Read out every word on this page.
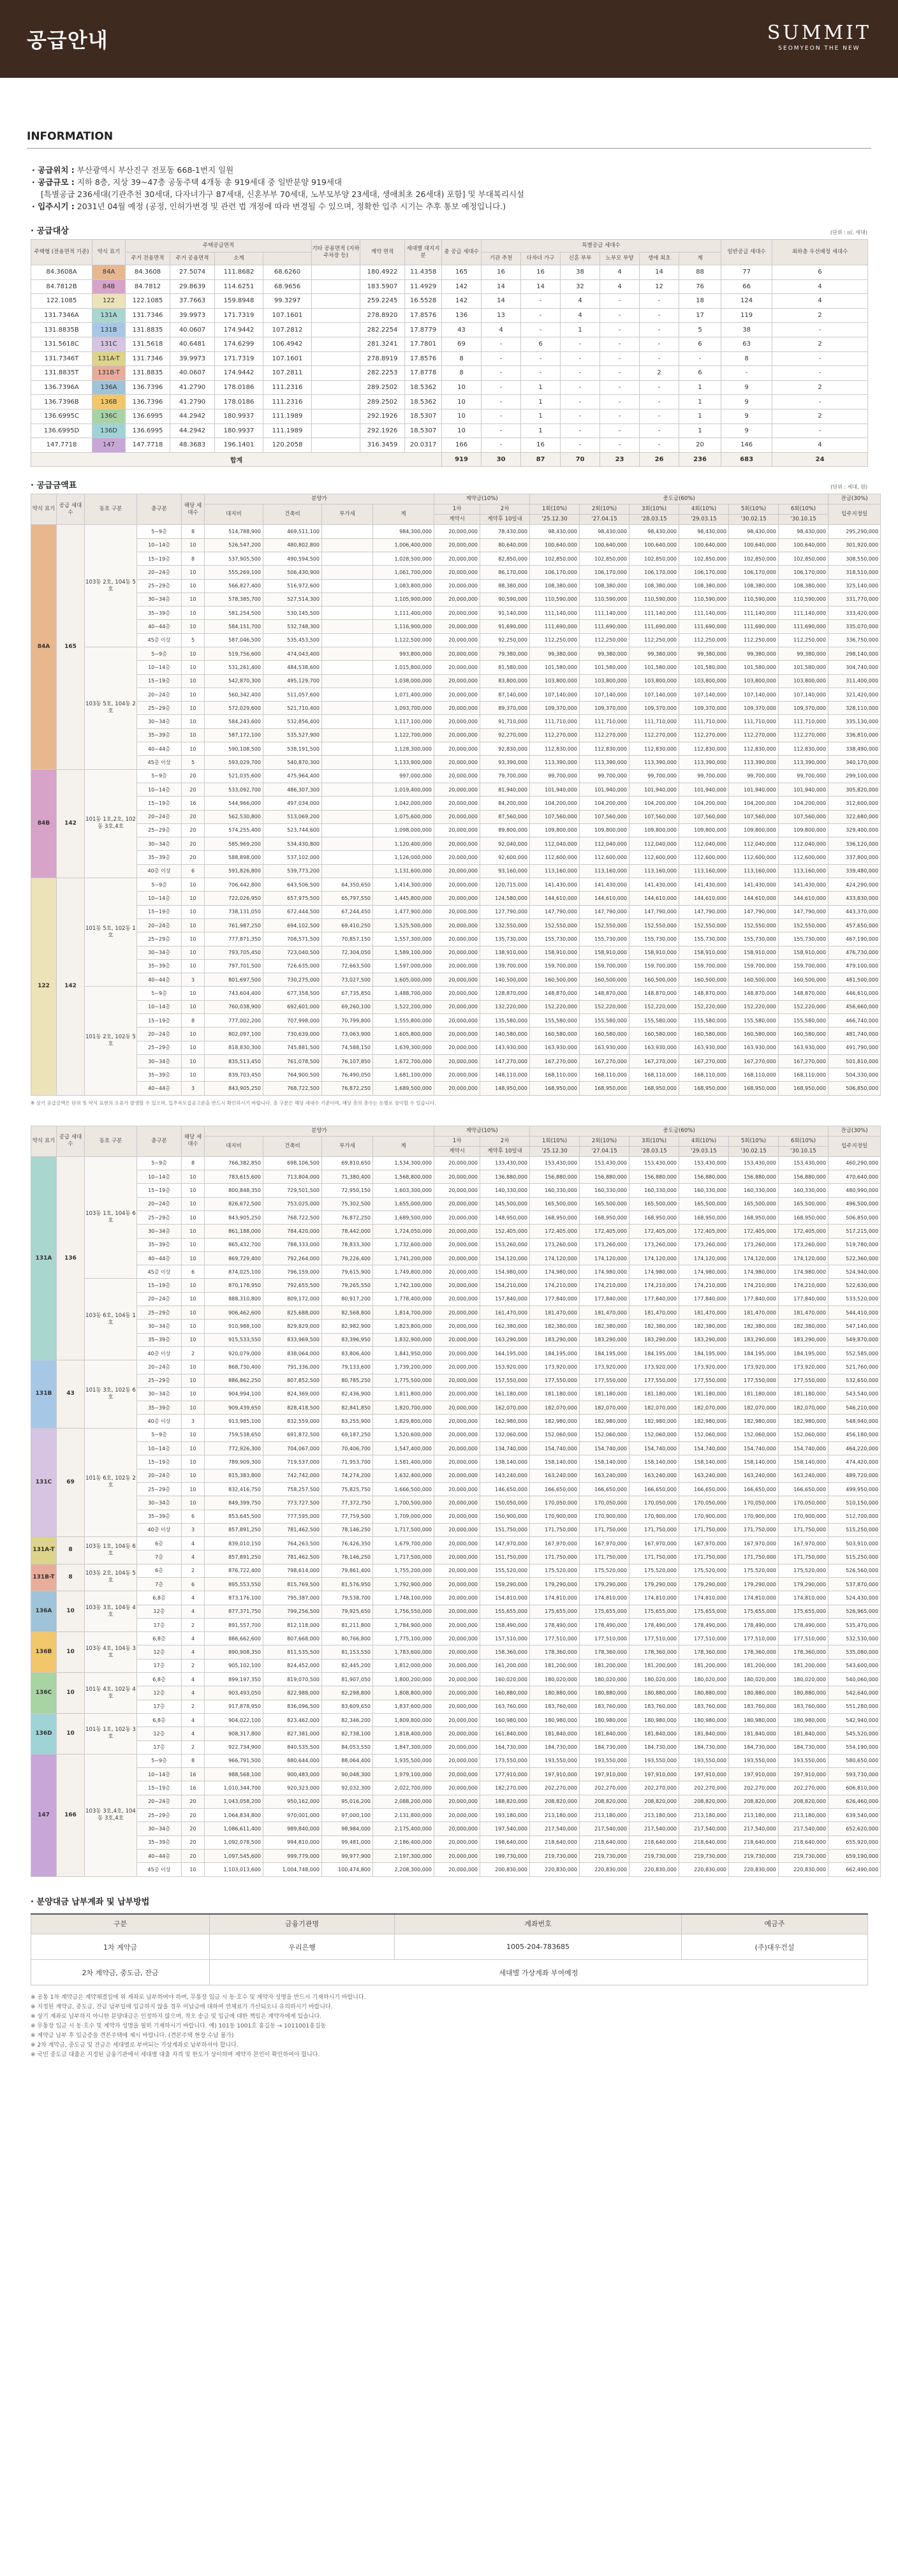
공급안내	SUMMIT
SEOMYEON THE NEW
INFORMATION
· 공급위치 : 부산광역시 부산진구 전포동 668-1번지 일원
· 공급규모 : 지하 8층, 지상 39~47층 공동주택 4개동 총 919세대 중 일반분양 919세대
[특별공급 236세대(기관추천 30세대, 다자녀가구 87세대, 신혼부부 70세대, 노부모부양 23세대, 생애최초 26세대) 포함] 및 부대복리시설
· 입주시기 : 2031년 04월 예정 (공정, 인허가변경 및 관련 법 개정에 따라 변경될 수 있으며, 정확한 입주 시기는 추후 통보 예정입니다.)
· 공급대상	(단위 : ㎡, 세대)
주택형 (전용면적 기준)	약식 표기	주택공급면적				기타 공용면적 (지하주차장 등)	계약 면적	세대별 대지지분	총 공급 세대수	특별공급 세대수						일반공급 세대수	최하층 우선배정 세대수
		주거 전용면적	주거 공용면적	소계						기관 추천	다자녀 가구	신혼 부부	노부모 부양	생애 최초	계		
84.3608A	84A	84.3608	27.5074	111.8682	68.6260		180.4922	11.4358	165	16	16	38	4	14	88	77	6
84.7812B	84B	84.7812	29.8639	114.6251	68.9656		183.5907	11.4929	142	14	14	32	4	12	76	66	4
122.1085	122	122.1085	37.7663	159.8948	99.3297		259.2245	16.5528	142	14	-	4	-	-	18	124	4
131.7346A	131A	131.7346	39.9973	171.7319	107.1601		278.8920	17.8576	136	13	-	4	-	-	17	119	2
131.8835B	131B	131.8835	40.0607	174.9442	107.2812		282.2254	17.8779	43	4	-	1	-	-	5	38	-
131.5618C	131C	131.5618	40.6481	174.6299	106.4942		281.3241	17.7801	69	-	6	-	-	-	6	63	2
131.7346T	131A-T	131.7346	39.9973	171.7319	107.1601		278.8919	17.8576	8	-	-	-	-	-	-	8	-
131.8835T	131B-T	131.8835	40.0607	174.9442	107.2811		282.2253	17.8778	8	-	-	-	-	2	6	-	-
136.7396A	136A	136.7396	41.2790	178.0186	111.2316		289.2502	18.5362	10	-	1	-	-	-	1	9	2
136.7396B	136B	136.7396	41.2790	178.0186	111.2316		289.2502	18.5362	10	-	1	-	-	-	1	9	-
136.6995C	136C	136.6995	44.2942	180.9937	111.1989		292.1926	18.5307	10	-	1	-	-	-	1	9	2
136.6995D	136D	136.6995	44.2942	180.9937	111.1989		292.1926	18.5307	10	-	1	-	-	-	1	9	-
147.7718	147	147.7718	48.3683	196.1401	120.2058		316.3459	20.0317	166	-	16	-	-	-	20	146	4
합계									919	30	87	70	23	26	236	683	24
· 공급금액표	(단위 : 세대, 원)
약식 표기	공급 세대수	동호 구분	층구분	해당 세대수	분양가				계약금(10%)		중도금(60%)						잔금(30%)
					대지비	건축비	부가세	계	1차	2차	1회(10%)	2회(10%)	3회(10%)	4회(10%)	5회(10%)	6회(10%)	입주지정일
									계약시	계약후 10일내	'25.12.30	'27.04.15	'28.03.15	'29.03.15	'30.02.15	'30.10.15	
84A	165	103동 2호, 104동 5호	5~9층	8	514,788,900	469,511,100		984,300,000	20,000,000	78,430,000	98,430,000	98,430,000	98,430,000	98,430,000	98,430,000	98,430,000	295,290,000
			10~14층	10	526,547,200	480,802,800		1,006,400,000	20,000,000	80,640,000	100,640,000	100,640,000	100,640,000	100,640,000	100,640,000	100,640,000	301,920,000
			15~19층	8	537,905,500	490,594,500		1,028,500,000	20,000,000	82,850,000	102,850,000	102,850,000	102,850,000	102,850,000	102,850,000	102,850,000	308,550,000
			20~24층	10	555,269,100	506,430,900		1,061,700,000	20,000,000	86,170,000	106,170,000	106,170,000	106,170,000	106,170,000	106,170,000	106,170,000	318,510,000
			25~29층	10	566,827,400	516,972,600		1,083,800,000	20,000,000	88,380,000	108,380,000	108,380,000	108,380,000	108,380,000	108,380,000	108,380,000	325,140,000
			30~34층	10	578,385,700	527,514,300		1,105,900,000	20,000,000	90,590,000	110,590,000	110,590,000	110,590,000	110,590,000	110,590,000	110,590,000	331,770,000
			35~39층	10	581,254,500	530,145,500		1,111,400,000	20,000,000	91,140,000	111,140,000	111,140,000	111,140,000	111,140,000	111,140,000	111,140,000	333,420,000
			40~44층	10	584,151,700	532,748,300		1,116,900,000	20,000,000	91,690,000	111,690,000	111,690,000	111,690,000	111,690,000	111,690,000	111,690,000	335,070,000
			45층 이상	5	587,046,500	535,453,500		1,122,500,000	20,000,000	92,250,000	112,250,000	112,250,000	112,250,000	112,250,000	112,250,000	112,250,000	336,750,000
		103동 5호, 104동 2호	5~9층	10	519,756,600	474,043,400		993,800,000	20,000,000	79,380,000	99,380,000	99,380,000	99,380,000	99,380,000	99,380,000	99,380,000	298,140,000
			10~14층	10	531,261,400	484,538,600		1,015,800,000	20,000,000	81,580,000	101,580,000	101,580,000	101,580,000	101,580,000	101,580,000	101,580,000	304,740,000
			15~19층	10	542,870,300	495,129,700		1,038,000,000	20,000,000	83,800,000	103,800,000	103,800,000	103,800,000	103,800,000	103,800,000	103,800,000	311,400,000
			20~24층	10	560,342,400	511,057,600		1,071,400,000	20,000,000	87,140,000	107,140,000	107,140,000	107,140,000	107,140,000	107,140,000	107,140,000	321,420,000
			25~29층	10	572,029,600	521,710,400		1,093,700,000	20,000,000	89,370,000	109,370,000	109,370,000	109,370,000	109,370,000	109,370,000	109,370,000	328,110,000
			30~34층	10	584,243,600	532,856,400		1,117,100,000	20,000,000	91,710,000	111,710,000	111,710,000	111,710,000	111,710,000	111,710,000	111,710,000	335,130,000
			35~39층	10	587,172,100	535,527,900		1,122,700,000	20,000,000	92,270,000	112,270,000	112,270,000	112,270,000	112,270,000	112,270,000	112,270,000	336,810,000
			40~44층	10	590,108,500	538,191,500		1,128,300,000	20,000,000	92,830,000	112,830,000	112,830,000	112,830,000	112,830,000	112,830,000	112,830,000	338,490,000
			45층 이상	5	593,029,700	540,870,300		1,133,900,000	20,000,000	93,390,000	113,390,000	113,390,000	113,390,000	113,390,000	113,390,000	113,390,000	340,170,000
84B	142	101동 1호,2호, 102동 3호,4호	5~9층	20	521,035,600	475,964,400		997,000,000	20,000,000	79,700,000	99,700,000	99,700,000	99,700,000	99,700,000	99,700,000	99,700,000	299,100,000
			10~14층	20	533,092,700	486,307,300		1,019,400,000	20,000,000	81,940,000	101,940,000	101,940,000	101,940,000	101,940,000	101,940,000	101,940,000	305,820,000
			15~19층	16	544,966,000	497,034,000		1,042,000,000	20,000,000	84,200,000	104,200,000	104,200,000	104,200,000	104,200,000	104,200,000	104,200,000	312,600,000
			20~24층	20	562,530,800	513,069,200		1,075,600,000	20,000,000	87,560,000	107,560,000	107,560,000	107,560,000	107,560,000	107,560,000	107,560,000	322,680,000
			25~29층	20	574,255,400	523,744,600		1,098,000,000	20,000,000	89,800,000	109,800,000	109,800,000	109,800,000	109,800,000	109,800,000	109,800,000	329,400,000
			30~34층	20	585,969,200	534,430,800		1,120,400,000	20,000,000	92,040,000	112,040,000	112,040,000	112,040,000	112,040,000	112,040,000	112,040,000	336,120,000
			35~39층	20	588,898,000	537,102,000		1,126,000,000	20,000,000	92,600,000	112,600,000	112,600,000	112,600,000	112,600,000	112,600,000	112,600,000	337,800,000
			40층 이상	6	591,826,800	539,773,200		1,131,600,000	20,000,000	93,160,000	113,160,000	113,160,000	113,160,000	113,160,000	113,160,000	113,160,000	339,480,000
122	142	101동 5호, 102동 1호	5~9층	10	706,442,800	643,506,500	64,350,650	1,414,300,000	20,000,000	120,715,000	141,430,000	141,430,000	141,430,000	141,430,000	141,430,000	141,430,000	424,290,000
			10~14층	10	722,026,950	657,975,500	65,797,550	1,445,800,000	20,000,000	124,580,000	144,610,000	144,610,000	144,610,000	144,610,000	144,610,000	144,610,000	433,830,000
			15~19층	10	738,131,050	672,444,500	67,244,450	1,477,900,000	20,000,000	127,790,000	147,790,000	147,790,000	147,790,000	147,790,000	147,790,000	147,790,000	443,370,000
			20~24층	10	761,987,250	694,102,500	69,410,250	1,525,500,000	20,000,000	132,550,000	152,550,000	152,550,000	152,550,000	152,550,000	152,550,000	152,550,000	457,650,000
			25~29층	10	777,871,350	708,571,500	70,857,150	1,557,300,000	20,000,000	135,730,000	155,730,000	155,730,000	155,730,000	155,730,000	155,730,000	155,730,000	467,190,000
			30~34층	10	793,705,450	723,040,500	72,304,050	1,589,100,000	20,000,000	138,910,000	158,910,000	158,910,000	158,910,000	158,910,000	158,910,000	158,910,000	476,730,000
			35~39층	10	797,701,500	726,635,000	72,663,500	1,597,000,000	20,000,000	139,700,000	159,700,000	159,700,000	159,700,000	159,700,000	159,700,000	159,700,000	479,100,000
			40~44층	3	801,697,500	730,275,000	73,027,500	1,605,000,000	20,000,000	140,500,000	160,500,000	160,500,000	160,500,000	160,500,000	160,500,000	160,500,000	481,500,000
		101동 2호, 102동 5호	5~9층	10	743,604,400	677,358,500	67,735,850	1,488,700,000	20,000,000	128,870,000	148,870,000	148,870,000	148,870,000	148,870,000	148,870,000	148,870,000	446,610,000
			10~14층	10	760,038,900	692,601,000	69,260,100	1,522,200,000	20,000,000	132,220,000	152,220,000	152,220,000	152,220,000	152,220,000	152,220,000	152,220,000	456,660,000
			15~19층	8	777,002,200	707,998,000	70,799,800	1,555,800,000	20,000,000	135,580,000	155,580,000	155,580,000	155,580,000	155,580,000	155,580,000	155,580,000	466,740,000
			20~24층	10	802,097,100	730,639,000	73,063,900	1,605,800,000	20,000,000	140,580,000	160,580,000	160,580,000	160,580,000	160,580,000	160,580,000	160,580,000	481,740,000
			25~29층	10	818,830,300	745,881,500	74,588,150	1,639,300,000	20,000,000	143,930,000	163,930,000	163,930,000	163,930,000	163,930,000	163,930,000	163,930,000	491,790,000
			30~34층	10	835,513,450	761,078,500	76,107,850	1,672,700,000	20,000,000	147,270,000	167,270,000	167,270,000	167,270,000	167,270,000	167,270,000	167,270,000	501,810,000
			35~39층	10	839,703,450	764,900,500	76,490,050	1,681,100,000	20,000,000	148,110,000	168,110,000	168,110,000	168,110,000	168,110,000	168,110,000	168,110,000	504,330,000
			40~44층	3	843,905,250	768,722,500	76,872,250	1,689,500,000	20,000,000	148,950,000	168,950,000	168,950,000	168,950,000	168,950,000	168,950,000	168,950,000	506,850,000
※ 상기 공급금액은 단위 및 약식 표현의 오류가 발생할 수 있으며, 입주자모집공고문을 반드시 확인하시기 바랍니다. 층 구분은 해당 세대수 기준이며, 해당 층의 총수는 동별로 상이할 수 있습니다.
약식 표기	공급 세대수	동호 구분	층구분	해당 세대수	분양가				계약금(10%)		중도금(60%)						잔금(30%)
					대지비	건축비	부가세	계	1차	2차	1회(10%)	2회(10%)	3회(10%)	4회(10%)	5회(10%)	6회(10%)	입주지정일
									계약시	계약후 10일내	'25.12.30	'27.04.15	'28.03.15	'29.03.15	'30.02.15	'30.10.15	
131A	136	103동 1호, 104동 6호	5~9층	8	766,382,850	698,106,500	69,810,650	1,534,300,000	20,000,000	133,430,000	153,430,000	153,430,000	153,430,000	153,430,000	153,430,000	153,430,000	460,290,000
			10~14층	10	783,615,600	713,804,000	71,380,400	1,568,800,000	20,000,000	136,880,000	156,880,000	156,880,000	156,880,000	156,880,000	156,880,000	156,880,000	470,640,000
			15~19층	10	800,848,350	729,501,500	72,950,150	1,603,300,000	20,000,000	140,330,000	160,330,000	160,330,000	160,330,000	160,330,000	160,330,000	160,330,000	480,990,000
			20~24층	10	826,672,500	753,025,000	75,302,500	1,655,000,000	20,000,000	145,500,000	165,500,000	165,500,000	165,500,000	165,500,000	165,500,000	165,500,000	496,500,000
			25~29층	10	843,905,250	768,722,500	76,872,250	1,689,500,000	20,000,000	148,950,000	168,950,000	168,950,000	168,950,000	168,950,000	168,950,000	168,950,000	506,850,000
			30~34층	10	861,188,000	784,420,000	78,442,000	1,724,050,000	20,000,000	152,405,000	172,405,000	172,405,000	172,405,000	172,405,000	172,405,000	172,405,000	517,215,000
			35~39층	10	865,432,700	788,333,000	78,833,300	1,732,600,000	20,000,000	153,260,000	173,260,000	173,260,000	173,260,000	173,260,000	173,260,000	173,260,000	519,780,000
			40~44층	10	869,729,400	792,264,000	79,226,400	1,741,200,000	20,000,000	154,120,000	174,120,000	174,120,000	174,120,000	174,120,000	174,120,000	174,120,000	522,360,000
			45층 이상	6	874,025,100	796,159,000	79,615,900	1,749,800,000	20,000,000	154,980,000	174,980,000	174,980,000	174,980,000	174,980,000	174,980,000	174,980,000	524,940,000
		103동 6호, 104동 1호	15~19층	10	870,178,950	792,655,500	79,265,550	1,742,100,000	20,000,000	154,210,000	174,210,000	174,210,000	174,210,000	174,210,000	174,210,000	174,210,000	522,630,000
			20~24층	10	888,310,800	809,172,000	80,917,200	1,778,400,000	20,000,000	157,840,000	177,840,000	177,840,000	177,840,000	177,840,000	177,840,000	177,840,000	533,520,000
			25~29층	10	906,462,600	825,688,000	82,568,800	1,814,700,000	20,000,000	161,470,000	181,470,000	181,470,000	181,470,000	181,470,000	181,470,000	181,470,000	544,410,000
			30~34층	10	910,988,100	829,829,000	82,982,900	1,823,800,000	20,000,000	162,380,000	182,380,000	182,380,000	182,380,000	182,380,000	182,380,000	182,380,000	547,140,000
			35~39층	10	915,533,550	833,969,500	83,396,950	1,832,900,000	20,000,000	163,290,000	183,290,000	183,290,000	183,290,000	183,290,000	183,290,000	183,290,000	549,870,000
			40층 이상	2	920,079,000	838,064,000	83,806,400	1,841,950,000	20,000,000	164,195,000	184,195,000	184,195,000	184,195,000	184,195,000	184,195,000	184,195,000	552,585,000
131B	43	101동 3호, 102동 6호	20~24층	10	868,730,400	791,336,000	79,133,600	1,739,200,000	20,000,000	153,920,000	173,920,000	173,920,000	173,920,000	173,920,000	173,920,000	173,920,000	521,760,000
			25~29층	10	886,862,250	807,852,500	80,785,250	1,775,500,000	20,000,000	157,550,000	177,550,000	177,550,000	177,550,000	177,550,000	177,550,000	177,550,000	532,650,000
			30~34층	10	904,994,100	824,369,000	82,436,900	1,811,800,000	20,000,000	161,180,000	181,180,000	181,180,000	181,180,000	181,180,000	181,180,000	181,180,000	543,540,000
			35~39층	10	909,439,650	828,418,500	82,841,850	1,820,700,000	20,000,000	162,070,000	182,070,000	182,070,000	182,070,000	182,070,000	182,070,000	182,070,000	546,210,000
			40층 이상	3	913,985,100	832,559,000	83,255,900	1,829,800,000	20,000,000	162,980,000	182,980,000	182,980,000	182,980,000	182,980,000	182,980,000	182,980,000	548,940,000
131C	69	101동 6호, 102동 2호	5~9층	10	759,538,650	691,872,500	69,187,250	1,520,600,000	20,000,000	132,060,000	152,060,000	152,060,000	152,060,000	152,060,000	152,060,000	152,060,000	456,180,000
			10~14층	10	772,926,300	704,067,000	70,406,700	1,547,400,000	20,000,000	134,740,000	154,740,000	154,740,000	154,740,000	154,740,000	154,740,000	154,740,000	464,220,000
			15~19층	10	789,909,300	719,537,000	71,953,700	1,581,400,000	20,000,000	138,140,000	158,140,000	158,140,000	158,140,000	158,140,000	158,140,000	158,140,000	474,420,000
			20~24층	10	815,383,800	742,742,000	74,274,200	1,632,400,000	20,000,000	143,240,000	163,240,000	163,240,000	163,240,000	163,240,000	163,240,000	163,240,000	489,720,000
			25~29층	10	832,416,750	758,257,500	75,825,750	1,666,500,000	20,000,000	146,650,000	166,650,000	166,650,000	166,650,000	166,650,000	166,650,000	166,650,000	499,950,000
			30~34층	10	849,399,750	773,727,500	77,372,750	1,700,500,000	20,000,000	150,050,000	170,050,000	170,050,000	170,050,000	170,050,000	170,050,000	170,050,000	510,150,000
			35~39층	6	853,645,500	777,595,000	77,759,500	1,709,000,000	20,000,000	150,900,000	170,900,000	170,900,000	170,900,000	170,900,000	170,900,000	170,900,000	512,700,000
			40층 이상	3	857,891,250	781,462,500	78,146,250	1,717,500,000	20,000,000	151,750,000	171,750,000	171,750,000	171,750,000	171,750,000	171,750,000	171,750,000	515,250,000
131A-T	8	103동 1호, 104동 6호	6층	4	839,010,150	764,263,500	76,426,350	1,679,700,000	20,000,000	147,970,000	167,970,000	167,970,000	167,970,000	167,970,000	167,970,000	167,970,000	503,910,000
			7층	4	857,891,250	781,462,500	78,146,250	1,717,500,000	20,000,000	151,750,000	171,750,000	171,750,000	171,750,000	171,750,000	171,750,000	171,750,000	515,250,000
131B-T	8	103동 2호, 104동 5호	6층	2	876,722,400	798,614,000	79,861,400	1,755,200,000	20,000,000	155,520,000	175,520,000	175,520,000	175,520,000	175,520,000	175,520,000	175,520,000	526,560,000
			7층	6	895,553,550	815,769,500	81,576,950	1,792,900,000	20,000,000	159,290,000	179,290,000	179,290,000	179,290,000	179,290,000	179,290,000	179,290,000	537,870,000
136A	10	103동 3호, 104동 4호	6,8층	4	873,176,100	795,387,000	79,538,700	1,748,100,000	20,000,000	154,810,000	174,810,000	174,810,000	174,810,000	174,810,000	174,810,000	174,810,000	524,430,000
			12층	4	877,371,750	799,256,500	79,925,650	1,756,550,000	20,000,000	155,655,000	175,655,000	175,655,000	175,655,000	175,655,000	175,655,000	175,655,000	526,965,000
			17층	2	891,557,700	812,118,000	81,211,800	1,784,900,000	20,000,000	158,490,000	178,490,000	178,490,000	178,490,000	178,490,000	178,490,000	178,490,000	535,470,000
136B	10	103동 4호, 104동 3호	6,8층	4	886,662,600	807,668,000	80,766,800	1,775,100,000	20,000,000	157,510,000	177,510,000	177,510,000	177,510,000	177,510,000	177,510,000	177,510,000	532,530,000
			12층	4	890,908,350	811,535,500	81,153,550	1,783,600,000	20,000,000	158,360,000	178,360,000	178,360,000	178,360,000	178,360,000	178,360,000	178,360,000	535,080,000
			17층	2	905,102,100	824,452,000	82,445,200	1,812,000,000	20,000,000	161,200,000	181,200,000	181,200,000	181,200,000	181,200,000	181,200,000	181,200,000	543,600,000
136C	10	101동 4호, 102동 4호	6,8층	4	899,197,350	819,070,500	81,907,050	1,800,200,000	20,000,000	160,020,000	180,020,000	180,020,000	180,020,000	180,020,000	180,020,000	180,020,000	540,060,000
			12층	4	903,493,050	822,988,000	82,298,800	1,808,800,000	20,000,000	160,880,000	180,880,000	180,880,000	180,880,000	180,880,000	180,880,000	180,880,000	542,640,000
			17층	2	917,878,950	836,096,500	83,609,650	1,837,600,000	20,000,000	163,760,000	183,760,000	183,760,000	183,760,000	183,760,000	183,760,000	183,760,000	551,280,000
136D	10	101동 1호, 102동 3호	6,8층	4	904,022,100	823,462,000	82,346,200	1,809,800,000	20,000,000	160,980,000	180,980,000	180,980,000	180,980,000	180,980,000	180,980,000	180,980,000	542,940,000
			12층	4	908,317,800	827,381,000	82,738,100	1,818,400,000	20,000,000	161,840,000	181,840,000	181,840,000	181,840,000	181,840,000	181,840,000	181,840,000	545,520,000
			17층	2	922,734,900	840,535,500	84,053,550	1,847,300,000	20,000,000	164,730,000	184,730,000	184,730,000	184,730,000	184,730,000	184,730,000	184,730,000	554,190,000
147	166	103동 3호,4호, 104동 3호,4호	5~9층	8	966,791,500	880,644,000	88,064,400	1,935,500,000	20,000,000	173,550,000	193,550,000	193,550,000	193,550,000	193,550,000	193,550,000	193,550,000	580,650,000
			10~14층	16	988,568,100	900,483,000	90,048,300	1,979,100,000	20,000,000	177,910,000	197,910,000	197,910,000	197,910,000	197,910,000	197,910,000	197,910,000	593,730,000
			15~19층	16	1,010,344,700	920,323,000	92,032,300	2,022,700,000	20,000,000	182,270,000	202,270,000	202,270,000	202,270,000	202,270,000	202,270,000	202,270,000	606,810,000
			20~24층	20	1,043,058,200	950,162,000	95,016,200	2,088,200,000	20,000,000	188,820,000	208,820,000	208,820,000	208,820,000	208,820,000	208,820,000	208,820,000	626,460,000
			25~29층	20	1,064,834,800	970,001,000	97,000,100	2,131,800,000	20,000,000	193,180,000	213,180,000	213,180,000	213,180,000	213,180,000	213,180,000	213,180,000	639,540,000
			30~34층	20	1,086,611,400	989,840,000	98,984,000	2,175,400,000	20,000,000	197,540,000	217,540,000	217,540,000	217,540,000	217,540,000	217,540,000	217,540,000	652,620,000
			35~39층	20	1,092,078,500	994,810,000	99,481,000	2,186,400,000	20,000,000	198,640,000	218,640,000	218,640,000	218,640,000	218,640,000	218,640,000	218,640,000	655,920,000
			40~44층	20	1,097,545,600	999,779,000	99,977,900	2,197,300,000	20,000,000	199,730,000	219,730,000	219,730,000	219,730,000	219,730,000	219,730,000	219,730,000	659,190,000
			45층 이상	10	1,103,013,600	1,004,748,000	100,474,800	2,208,300,000	20,000,000	200,830,000	220,830,000	220,830,000	220,830,000	220,830,000	220,830,000	220,830,000	662,490,000
· 분양대금 납부계좌 및 납부방법
구분	금융기관명	계좌번호	예금주
1차 계약금	우리은행	1005-204-783685	(주)대우건설
2차 계약금, 중도금, 잔금	세대별 가상계좌 부여예정		
※ 공통 1차 계약금은 계약체결일에 위 계좌로 납부하여야 하며, 무통장 입금 시 동·호수 및 계약자 성명을 반드시 기재하시기 바랍니다.
※ 지정된 계약금, 중도금, 잔금 납부일에 입금하지 않을 경우 미납금에 대하여 연체료가 가산되오니 유의하시기 바랍니다.
※ 상기 계좌로 납부하지 아니한 분양대금은 인정하지 않으며, 착오 송금 및 입금에 대한 책임은 계약자에게 있습니다.
※ 무통장 입금 시 동·호수 및 계약자 성명을 필히 기재하시기 바랍니다. 예) 101동 1001호 홍길동 → 1011001홍길동
※ 계약금 납부 후 입금증을 견본주택에 제시 바랍니다. (견본주택 현장 수납 불가)
※ 2차 계약금, 중도금 및 잔금은 세대별로 부여되는 가상계좌로 납부하셔야 합니다.
※ 국민 중도금 대출은 지정된 금융기관에서 세대별 대출 자격 및 한도가 상이하며 계약자 본인이 확인하여야 합니다.
